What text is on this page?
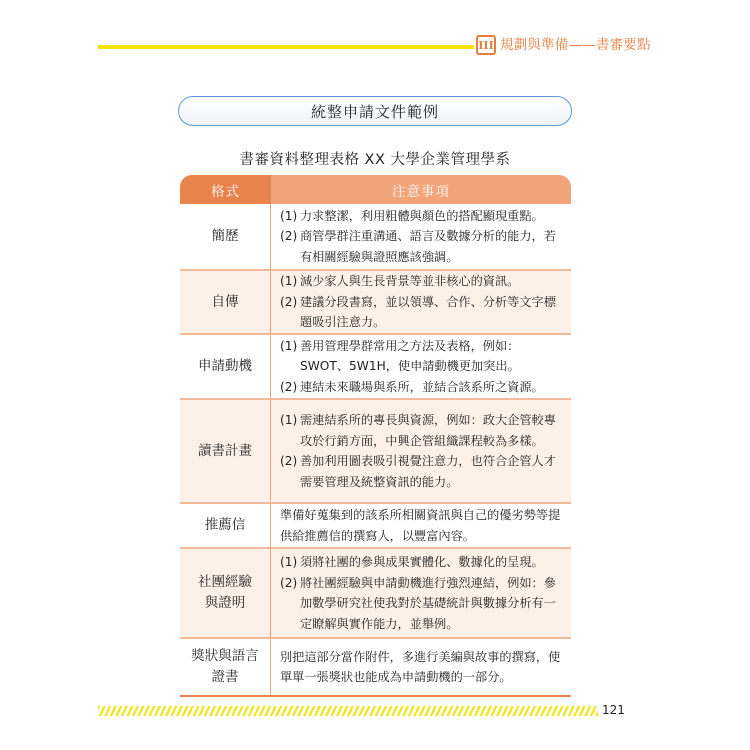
III 規劃與準備——書審要點
統整申請文件範例
書審資料整理表格 XX 大學企業管理學系
格式	注意事項
簡歷
(1) 力求整潔，利用粗體與顏色的搭配顯現重點。
(2) 商管學群注重溝通、語言及數據分析的能力，若有相關經驗與證照應該強調。
自傳
(1) 減少家人與生長背景等並非核心的資訊。
(2) 建議分段書寫，並以領導、合作、分析等文字標題吸引注意力。
申請動機
(1) 善用管理學群常用之方法及表格，例如：SWOT、5W1H，使申請動機更加突出。
(2) 連結未來職場與系所，並結合該系所之資源。
讀書計畫
(1) 需連結系所的專長與資源，例如：政大企管較專攻於行銷方面，中興企管組織課程較為多樣。
(2) 善加利用圖表吸引視覺注意力，也符合企管人才需要管理及統整資訊的能力。
推薦信
準備好蒐集到的該系所相關資訊與自己的優劣勢等提供給推薦信的撰寫人，以豐富內容。
社團經驗
與證明
(1) 須將社團的參與成果實體化、數據化的呈現。
(2) 將社團經驗與申請動機進行強烈連結，例如：參加數學研究社使我對於基礎統計與數據分析有一定瞭解與實作能力，並舉例。
獎狀與語言
證書
別把這部分當作附件，多進行美編與故事的撰寫，使單單一張獎狀也能成為申請動機的一部分。
121
